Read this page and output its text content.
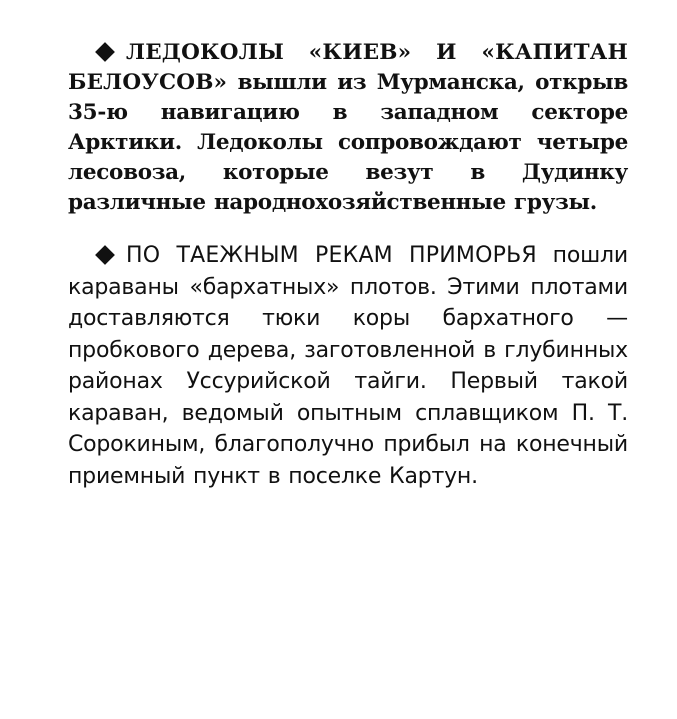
ЛЕДОКОЛЫ «КИЕВ» И «КАПИТАН БЕЛОУСОВ» вышли из Мурманска, открыв 35-ю навигацию в западном секторе Арктики. Ледоколы сопровождают четыре лесовоза, которые везут в Дудинку различные народнохозяйственные грузы.

ПО ТАЕЖНЫМ РЕКАМ ПРИМОРЬЯ пошли караваны «бархатных» плотов. Этими плотами доставляются тюки коры бархатного —пробкового дерева, заготовленной в глубинных районах Уссурийской тайги. Первый такой караван, ведомый опытным сплавщиком П. Т. Сорокиным, благополучно прибыл на конечный приемный пункт в поселке Картун.
